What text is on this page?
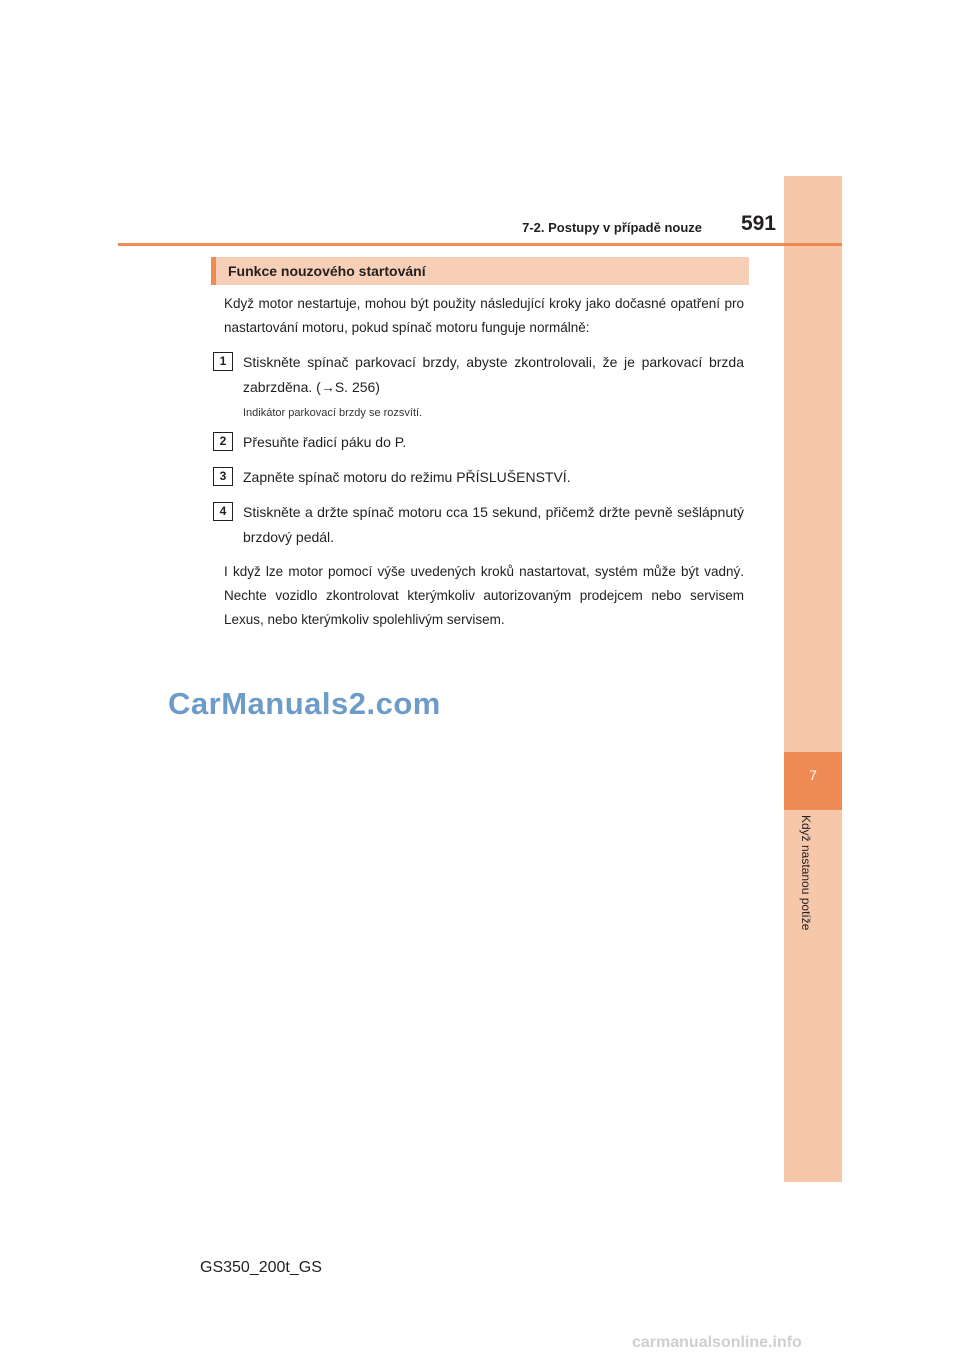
7
Když nastanou potíže
7-2. Postupy v případě nouze	591
Funkce nouzového startování

Když motor nestartuje, mohou být použity následující kroky jako dočasné opatření pro nastartování motoru, pokud spínač motoru funguje normálně:

1	Stiskněte spínač parkovací brzdy, abyste zkontrolovali, že je parkovací brzda zabrzděna. (→S. 256)

Indikátor parkovací brzdy se rozsvítí.

2	Přesuňte řadicí páku do P.

3	Zapněte spínač motoru do režimu PŘÍSLUŠENSTVÍ.

4	Stiskněte a držte spínač motoru cca 15 sekund, přičemž držte pevně sešlápnutý brzdový pedál.

I když lze motor pomocí výše uvedených kroků nastartovat, systém může být vadný. Nechte vozidlo zkontrolovat kterýmkoliv autorizovaným prodejcem nebo servisem Lexus, nebo kterýmkoliv spolehlivým servisem.

CarManuals2.com
GS350_200t_GS
carmanualsonline.info
